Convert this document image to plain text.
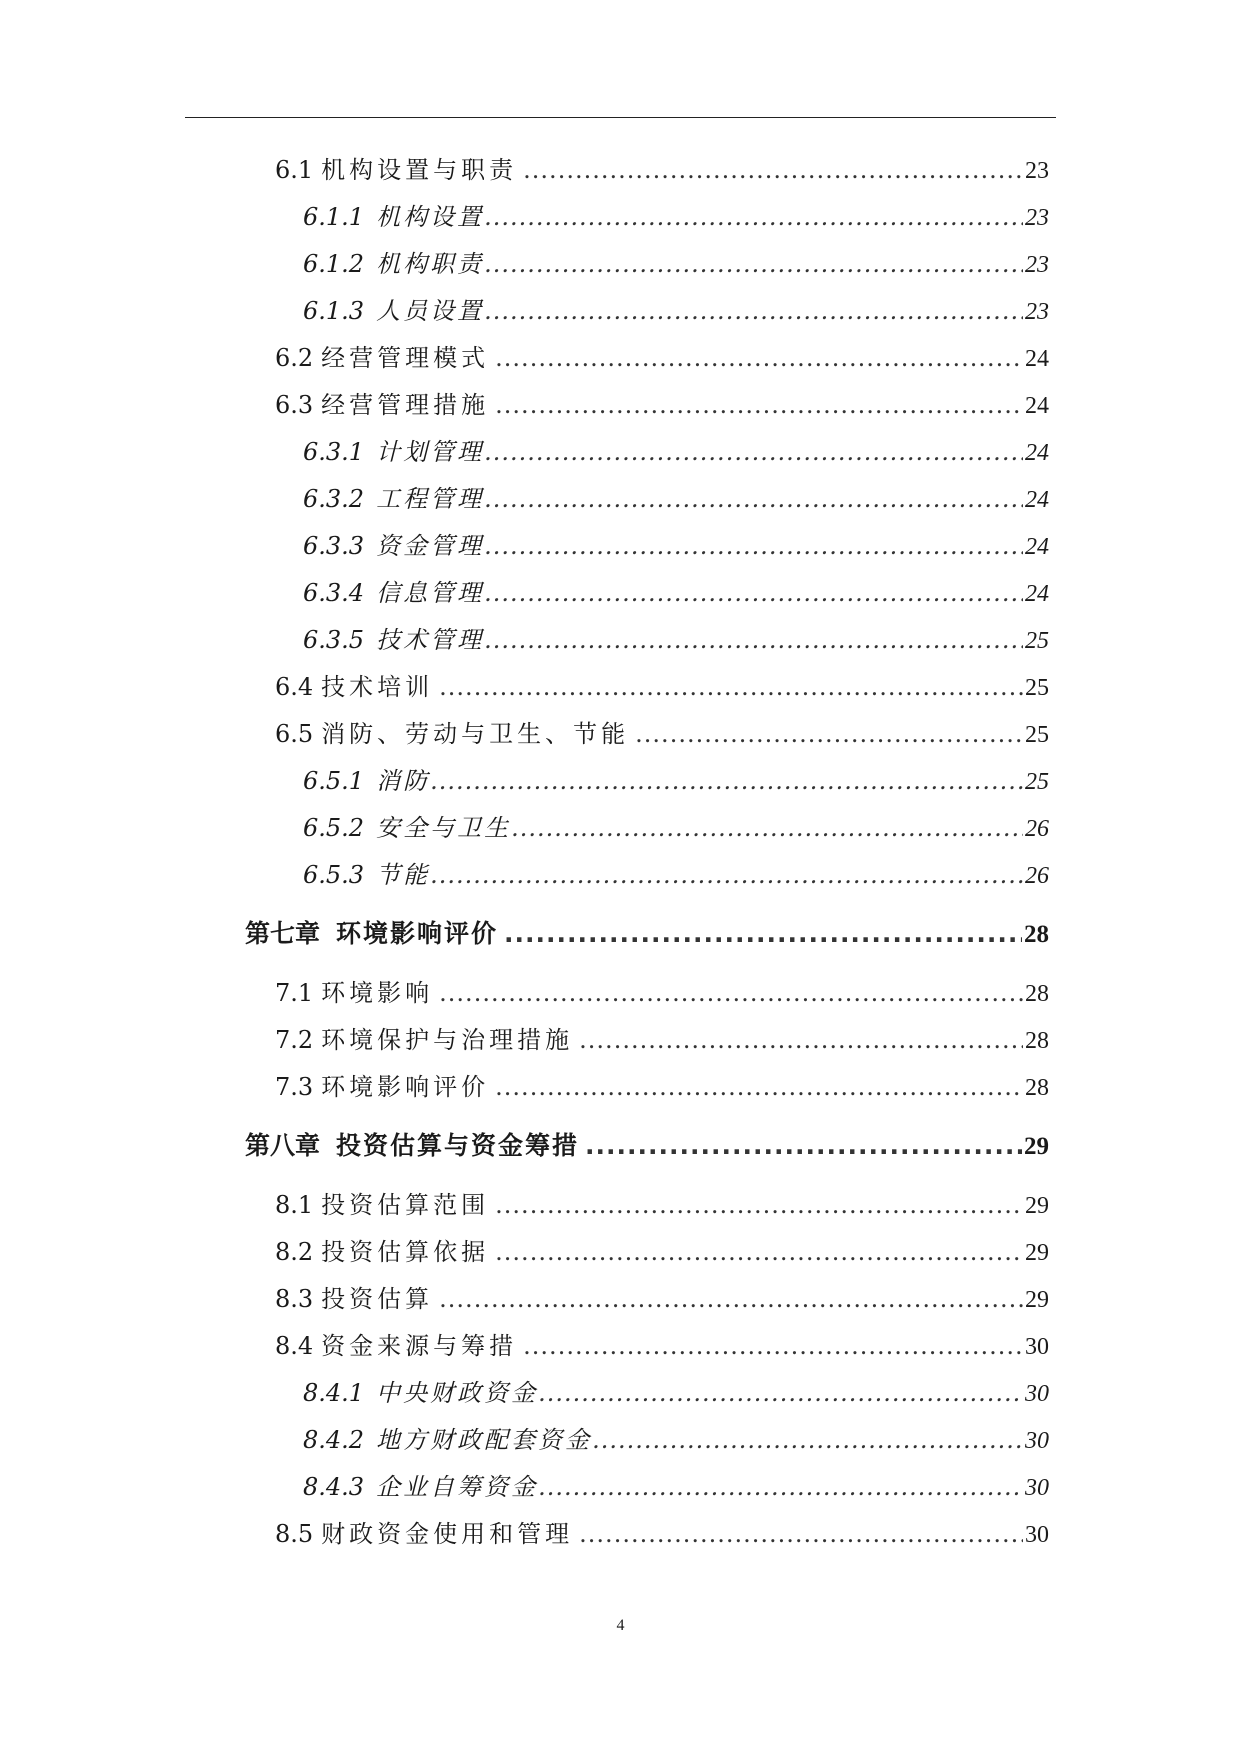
6.1 机构设置与职责 .....	23
6.1.1 机构设置 .....	23
6.1.2 机构职责 .....	23
6.1.3 人员设置 .....	23
6.2 经营管理模式 .....	24
6.3 经营管理措施 .....	24
6.3.1 计划管理 .....	24
6.3.2 工程管理 .....	24
6.3.3 资金管理 .....	24
6.3.4 信息管理 .....	24
6.3.5 技术管理 .....	25
6.4 技术培训 .....	25
6.5 消防、劳动与卫生、节能 .....	25
6.5.1 消防 .....	25
6.5.2 安全与卫生 .....	26
6.5.3 节能 .....	26
第七章 环境影响评价 .....	28
7.1 环境影响 .....	28
7.2 环境保护与治理措施 .....	28
7.3 环境影响评价 .....	28
第八章 投资估算与资金筹措 .....	29
8.1 投资估算范围 .....	29
8.2 投资估算依据 .....	29
8.3 投资估算 .....	29
8.4 资金来源与筹措 .....	30
8.4.1 中央财政资金 .....	30
8.4.2 地方财政配套资金 .....	30
8.4.3 企业自筹资金 .....	30
8.5 财政资金使用和管理 .....	30
4
